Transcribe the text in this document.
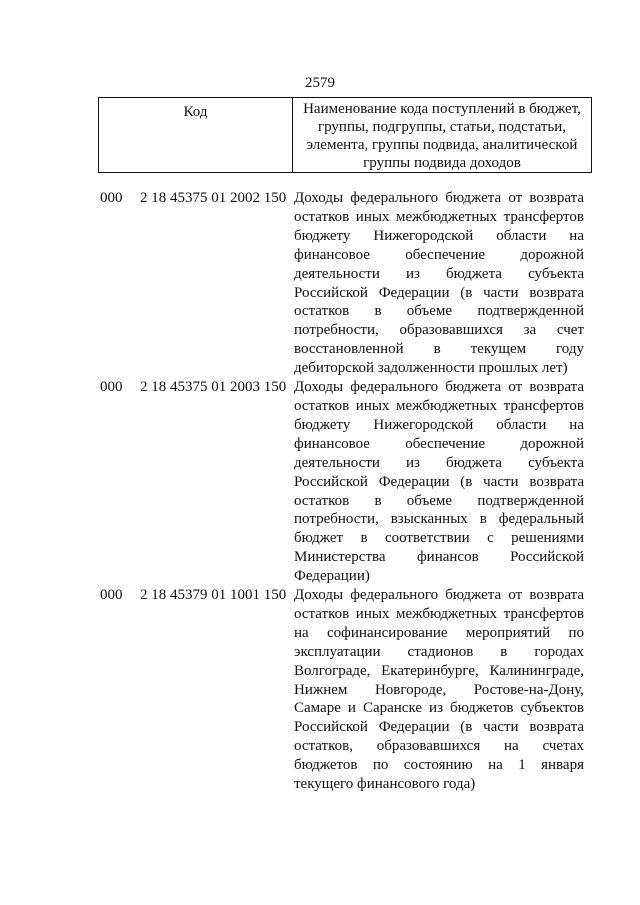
2579
Код	Наименование кода поступлений в бюджет, группы, подгруппы, статьи, подстатьи, элемента, группы подвида, аналитической группы подвида доходов
000	2 18 45375 01 2002 150 Доходы федерального бюджета от возврата остатков иных межбюджетных трансфертов бюджету Нижегородской области на финансовое обеспечение дорожной деятельности из бюджета субъекта Российской Федерации (в части возврата остатков в объеме подтвержденной потребности, образовавшихся за счет восстановленной в текущем году дебиторской задолженности прошлых лет)
000	2 18 45375 01 2003 150 Доходы федерального бюджета от возврата остатков иных межбюджетных трансфертов бюджету Нижегородской области на финансовое обеспечение дорожной деятельности из бюджета субъекта Российской Федерации (в части возврата остатков в объеме подтвержденной потребности, взысканных в федеральный бюджет в соответствии с решениями Министерства финансов Российской Федерации)
000	2 18 45379 01 1001 150 Доходы федерального бюджета от возврата остатков иных межбюджетных трансфертов на софинансирование мероприятий по эксплуатации стадионов в городах Волгограде, Екатеринбурге, Калининграде, Нижнем Новгороде, Ростове-на-Дону, Самаре и Саранске из бюджетов субъектов Российской Федерации (в части возврата остатков, образовавшихся на счетах бюджетов по состоянию на 1 января текущего финансового года)
